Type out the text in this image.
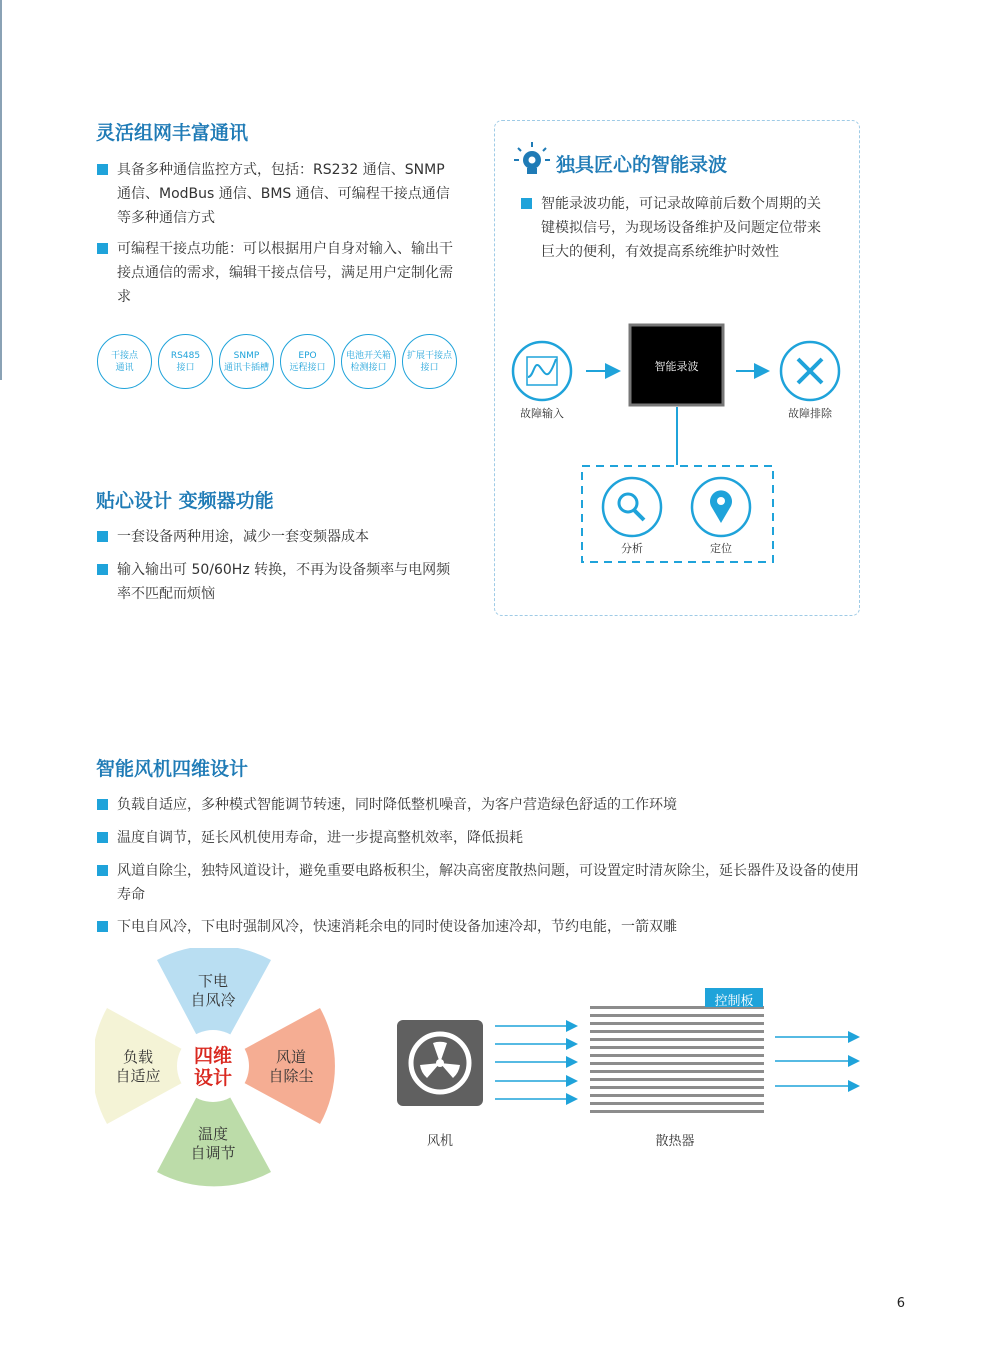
灵活组网丰富通讯
具备多种通信监控方式，包括：RS232 通信、SNMP 通信、ModBus 通信、BMS 通信、可编程干接点通信等多种通信方式
可编程干接点功能：可以根据用户自身对输入、输出干接点通信的需求，编辑干接点信号，满足用户定制化需求
干接点
通讯
RS485
接口
SNMP
通讯卡插槽
EPO
远程接口
电池开关箱
检测接口
扩展干接点
接口
贴心设计 变频器功能
一套设备两种用途，减少一套变频器成本
输入输出可 50/60Hz 转换，不再为设备频率与电网频率不匹配而烦恼
独具匠心的智能录波
智能录波功能，可记录故障前后数个周期的关键模拟信号，为现场设备维护及问题定位带来巨大的便利，有效提高系统维护时效性
智能录波
故障输入	故障排除
分析	定位
智能风机四维设计
负载自适应，多种模式智能调节转速，同时降低整机噪音，为客户营造绿色舒适的工作环境
温度自调节，延长风机使用寿命，进一步提高整机效率，降低损耗
风道自除尘，独特风道设计，避免重要电路板积尘，解决高密度散热问题，可设置定时清灰除尘，延长器件及设备的使用寿命
下电自风冷，下电时强制风冷，快速消耗余电的同时使设备加速冷却，节约电能，一箭双雕
下电
自风冷
风道
自除尘
温度
自调节
负载
自适应
四维
设计
控制板
风机	散热器
6
